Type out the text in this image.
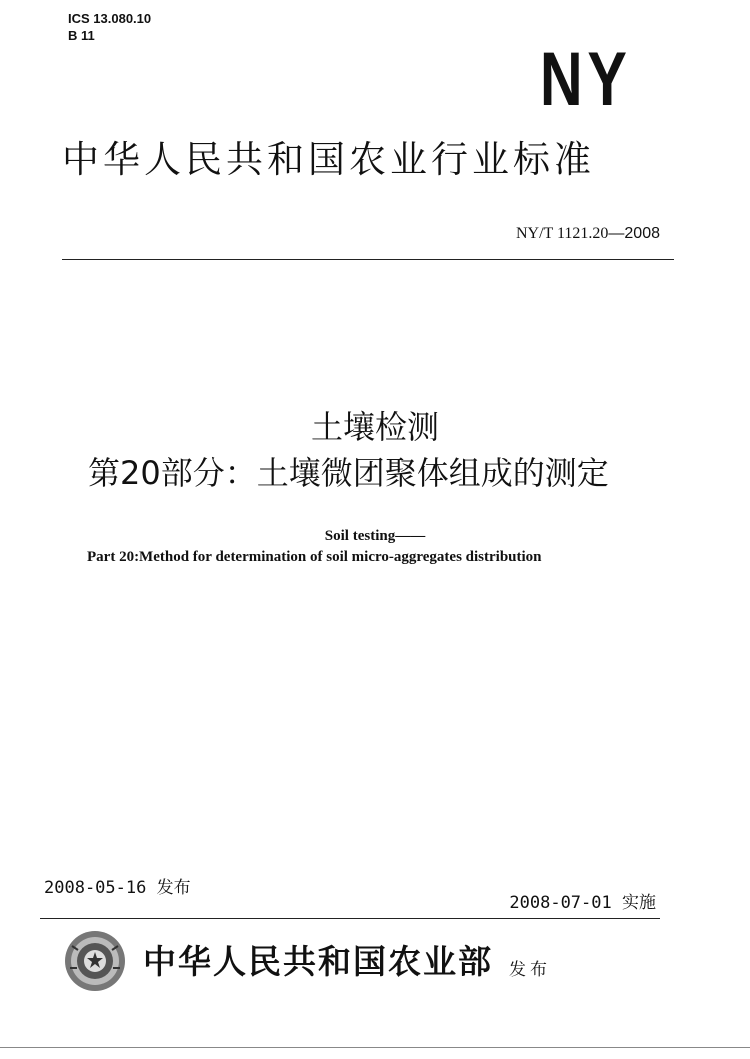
ICS 13.080.10
B 11
NY
中华人民共和国农业行业标准
NY/T 1121.20—2008
土壤检测
第20部分：土壤微团聚体组成的测定
Soil testing——
Part 20:Method for determination of soil micro-aggregates distribution
2008-05-16 发布
2008-07-01 实施
中华人民共和国农业部 发布
